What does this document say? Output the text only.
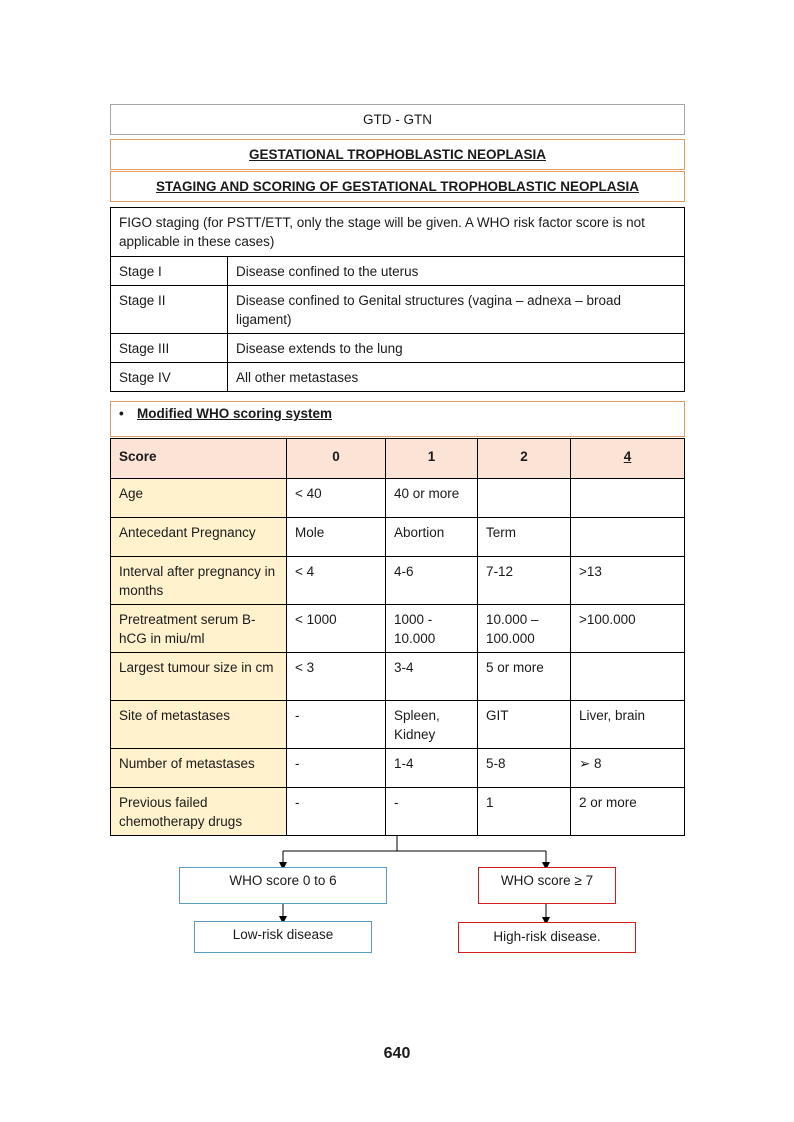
GTD - GTN
GESTATIONAL TROPHOBLASTIC NEOPLASIA
STAGING AND SCORING OF GESTATIONAL TROPHOBLASTIC NEOPLASIA
FIGO staging (for PSTT/ETT, only the stage will be given. A WHO risk factor score is not applicable in these cases)	
Stage I	Disease confined to the uterus
Stage II	Disease confined to Genital structures (vagina – adnexa – broad ligament)
Stage III	Disease extends to the lung
Stage IV	All other metastases
• Modified WHO scoring system
Score	0	1	2	4
Age	< 40	40 or more		
Antecedant Pregnancy	Mole	Abortion	Term	
Interval after pregnancy in months	< 4	4-6	7-12	>13
Pretreatment serum B-hCG in miu/ml	< 1000	1000 - 10.000	10.000 – 100.000	>100.000
Largest tumour size in cm	< 3	3-4	5 or more	
Site of metastases	-	Spleen, Kidney	GIT	Liver, brain
Number of metastases	-	1-4	5-8	➢ 8
Previous failed chemotherapy drugs	-	-	1	2 or more
WHO score 0 to 6	WHO score ≥ 7
Low-risk disease	High-risk disease.
640
